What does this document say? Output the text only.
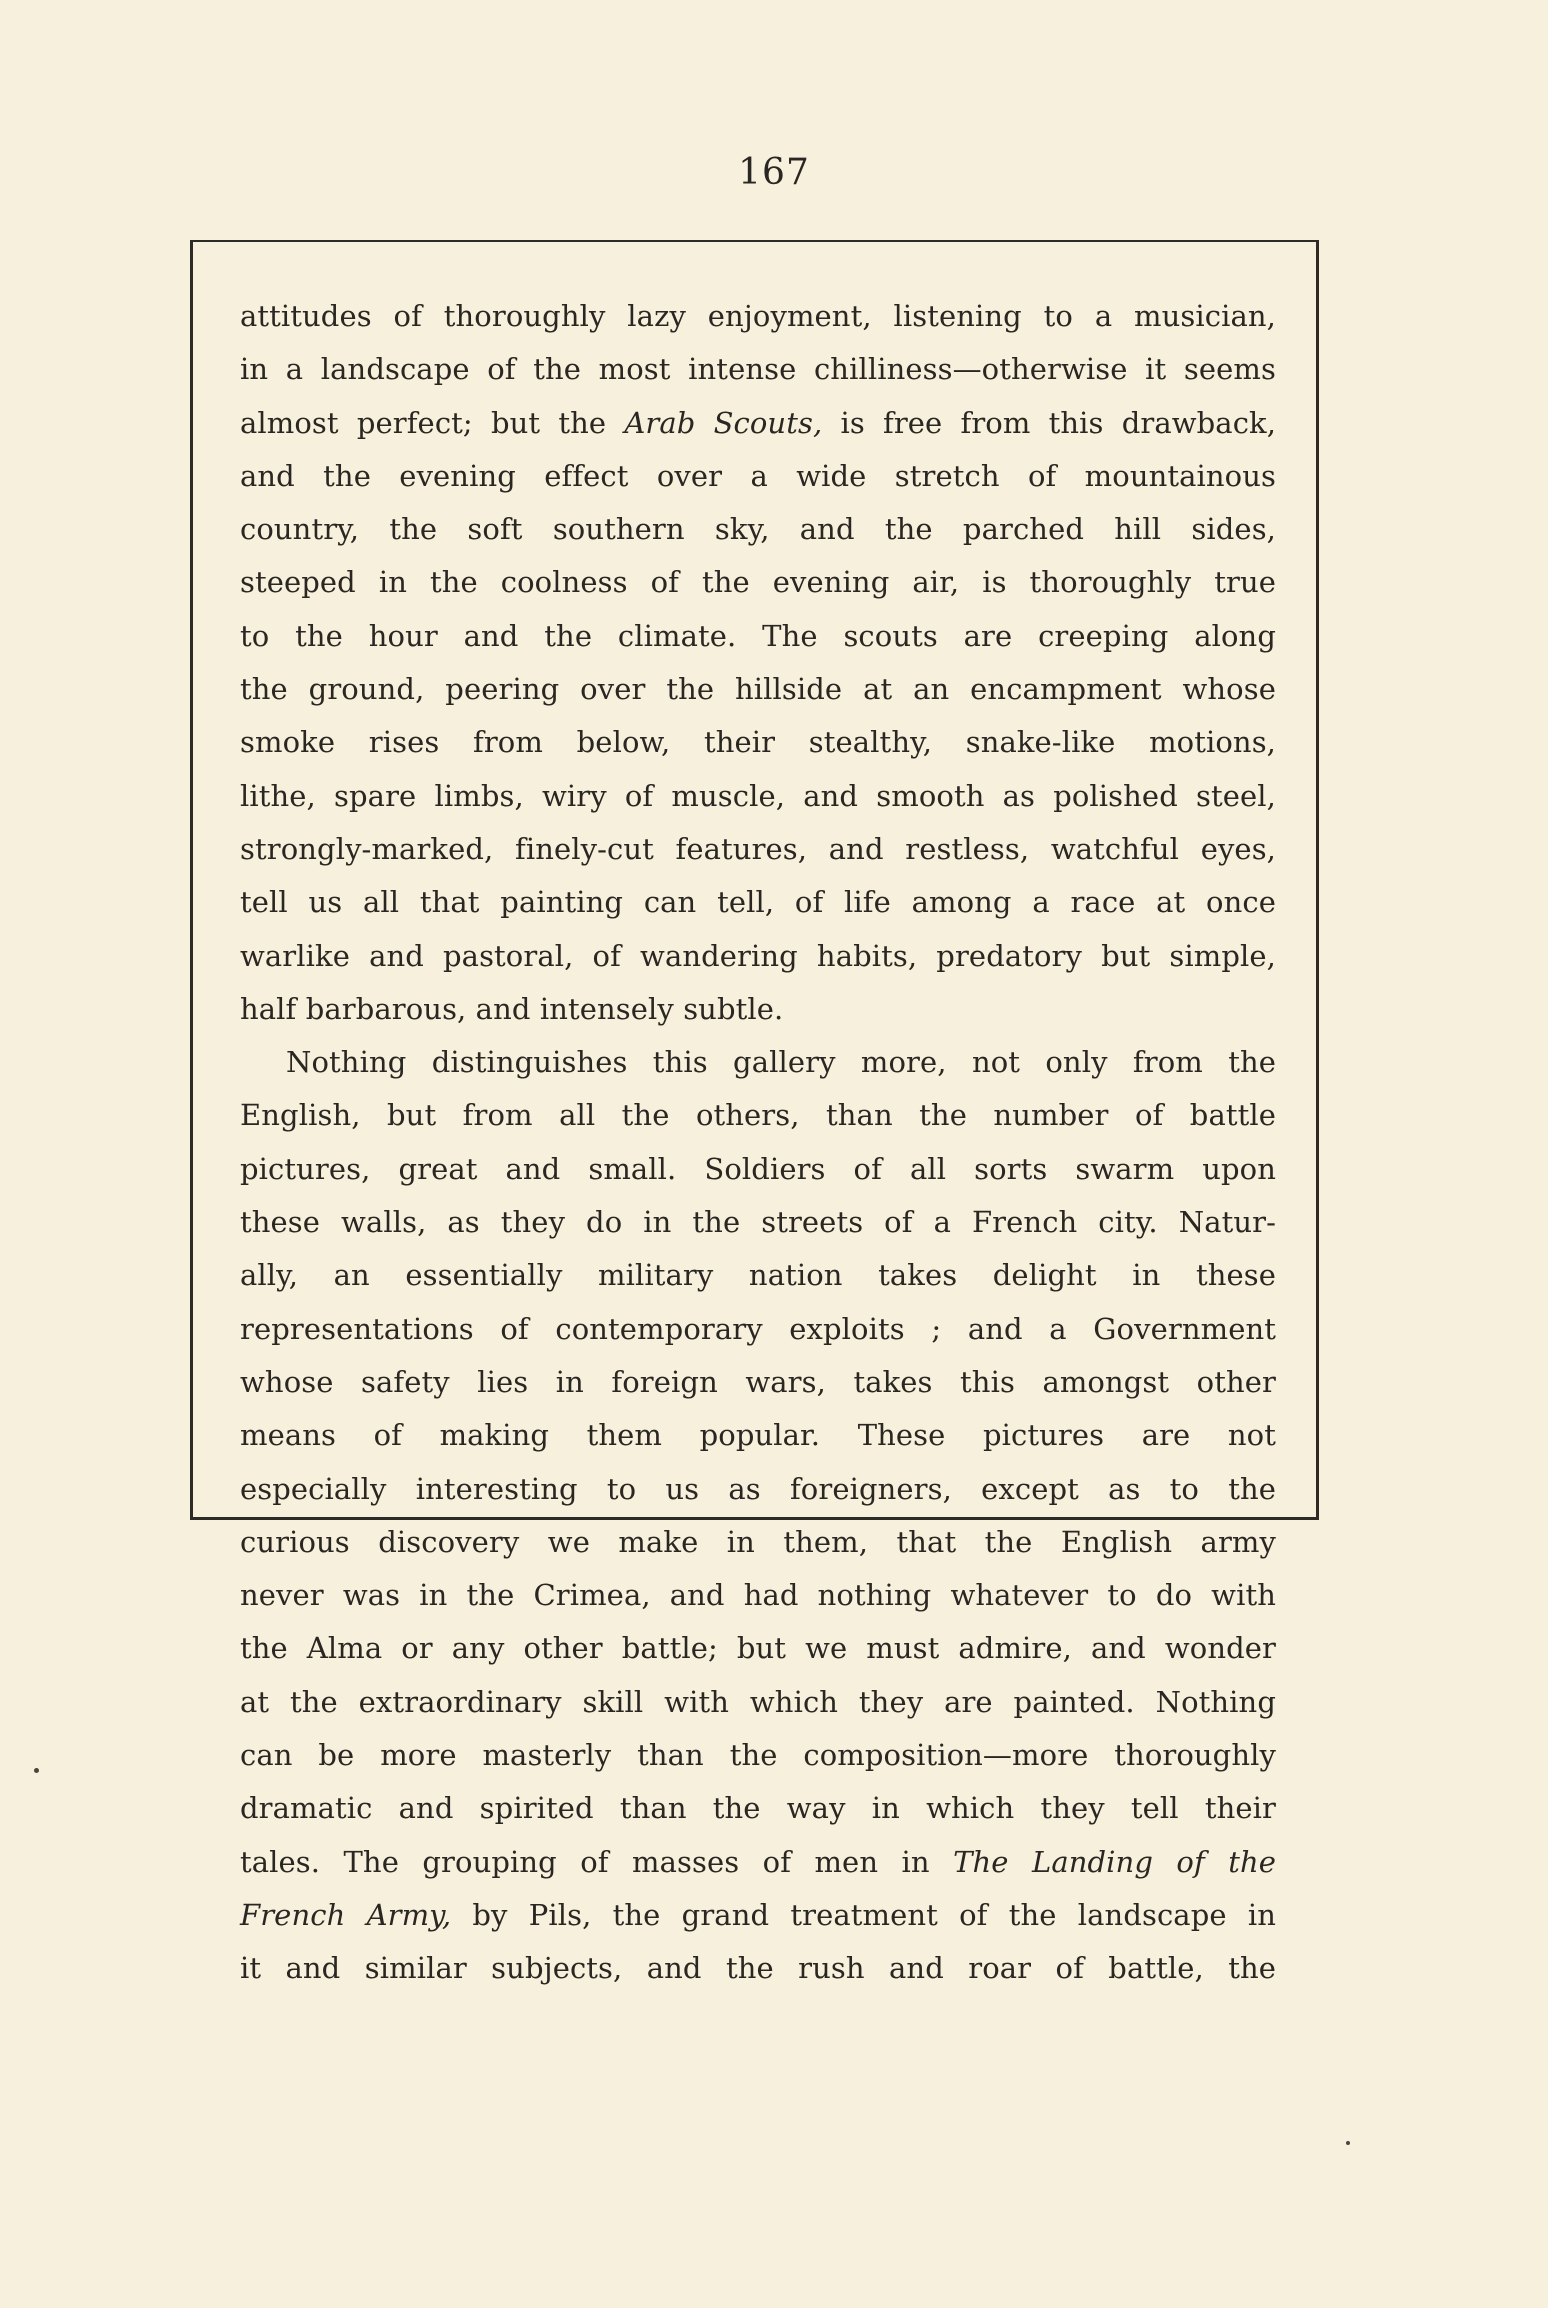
167
attitudes of thoroughly lazy enjoyment, listening to a musician,
in a landscape of the most intense chilliness—otherwise it seems
almost perfect; but the Arab Scouts, is free from this drawback,
and the evening effect over a wide stretch of mountainous
country, the soft southern sky, and the parched hill sides,
steeped in the coolness of the evening air, is thoroughly true
to the hour and the climate. The scouts are creeping along
the ground, peering over the hillside at an encampment whose
smoke rises from below, their stealthy, snake-like motions,
lithe, spare limbs, wiry of muscle, and smooth as polished steel,
strongly-marked, finely-cut features, and restless, watchful eyes,
tell us all that painting can tell, of life among a race at once
warlike and pastoral, of wandering habits, predatory but simple,
half barbarous, and intensely subtle.
Nothing distinguishes this gallery more, not only from the
English, but from all the others, than the number of battle
pictures, great and small. Soldiers of all sorts swarm upon
these walls, as they do in the streets of a French city. Natur-
ally, an essentially military nation takes delight in these
representations of contemporary exploits ; and a Government
whose safety lies in foreign wars, takes this amongst other
means of making them popular. These pictures are not
especially interesting to us as foreigners, except as to the
curious discovery we make in them, that the English army
never was in the Crimea, and had nothing whatever to do with
the Alma or any other battle; but we must admire, and wonder
at the extraordinary skill with which they are painted. Nothing
can be more masterly than the composition—more thoroughly
dramatic and spirited than the way in which they tell their
tales. The grouping of masses of men in The Landing of the
French Army, by Pils, the grand treatment of the landscape in
it and similar subjects, and the rush and roar of battle, the
